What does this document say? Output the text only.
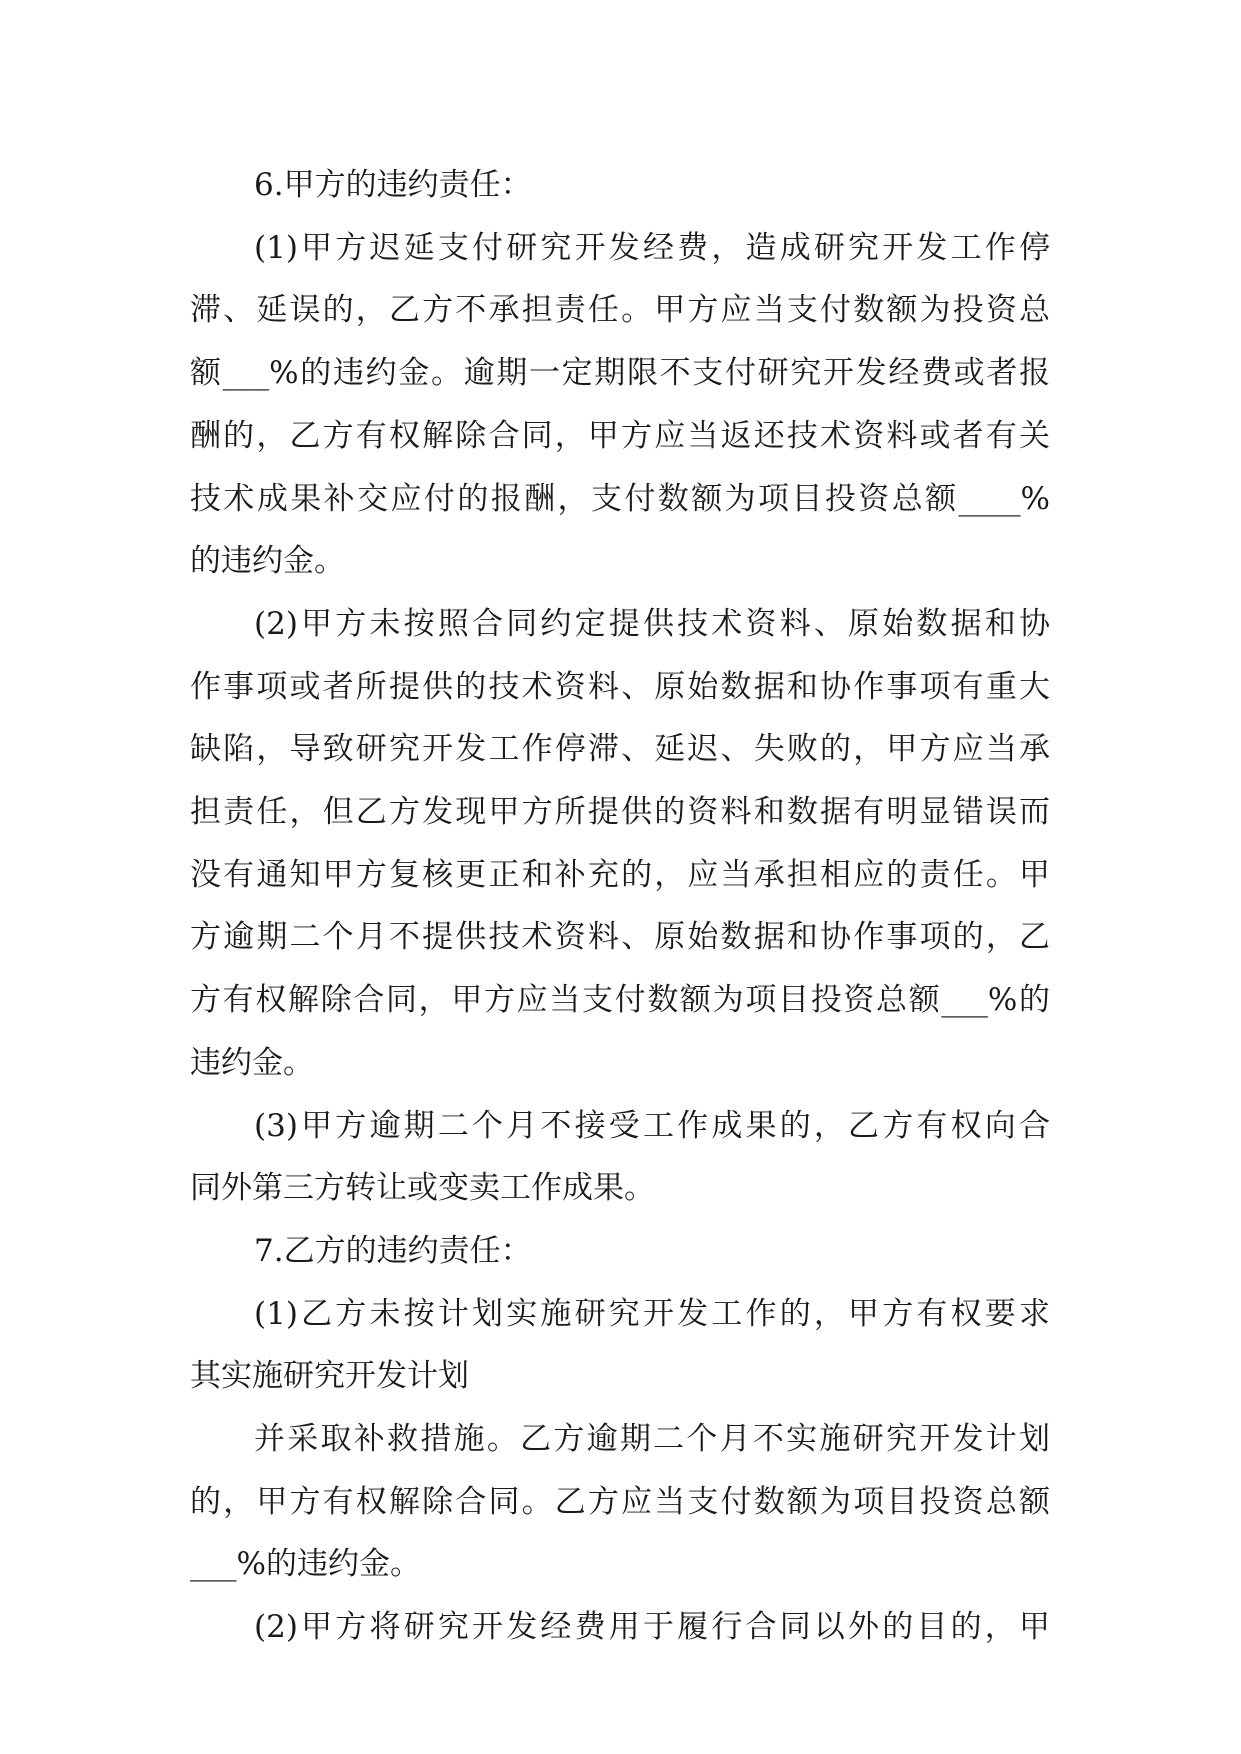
6.甲方的违约责任：
(1)甲方迟延支付研究开发经费，造成研究开发工作停
滞、延误的，乙方不承担责任。甲方应当支付数额为投资总
额___%的违约金。逾期一定期限不支付研究开发经费或者报
酬的，乙方有权解除合同，甲方应当返还技术资料或者有关
技术成果补交应付的报酬，支付数额为项目投资总额____%
的违约金。
(2)甲方未按照合同约定提供技术资料、原始数据和协
作事项或者所提供的技术资料、原始数据和协作事项有重大
缺陷，导致研究开发工作停滞、延迟、失败的，甲方应当承
担责任，但乙方发现甲方所提供的资料和数据有明显错误而
没有通知甲方复核更正和补充的，应当承担相应的责任。甲
方逾期二个月不提供技术资料、原始数据和协作事项的，乙
方有权解除合同，甲方应当支付数额为项目投资总额___%的
违约金。
(3)甲方逾期二个月不接受工作成果的，乙方有权向合
同外第三方转让或变卖工作成果。
7.乙方的违约责任：
(1)乙方未按计划实施研究开发工作的，甲方有权要求
其实施研究开发计划
并采取补救措施。乙方逾期二个月不实施研究开发计划
的，甲方有权解除合同。乙方应当支付数额为项目投资总额
___%的违约金。
(2)甲方将研究开发经费用于履行合同以外的目的，甲
